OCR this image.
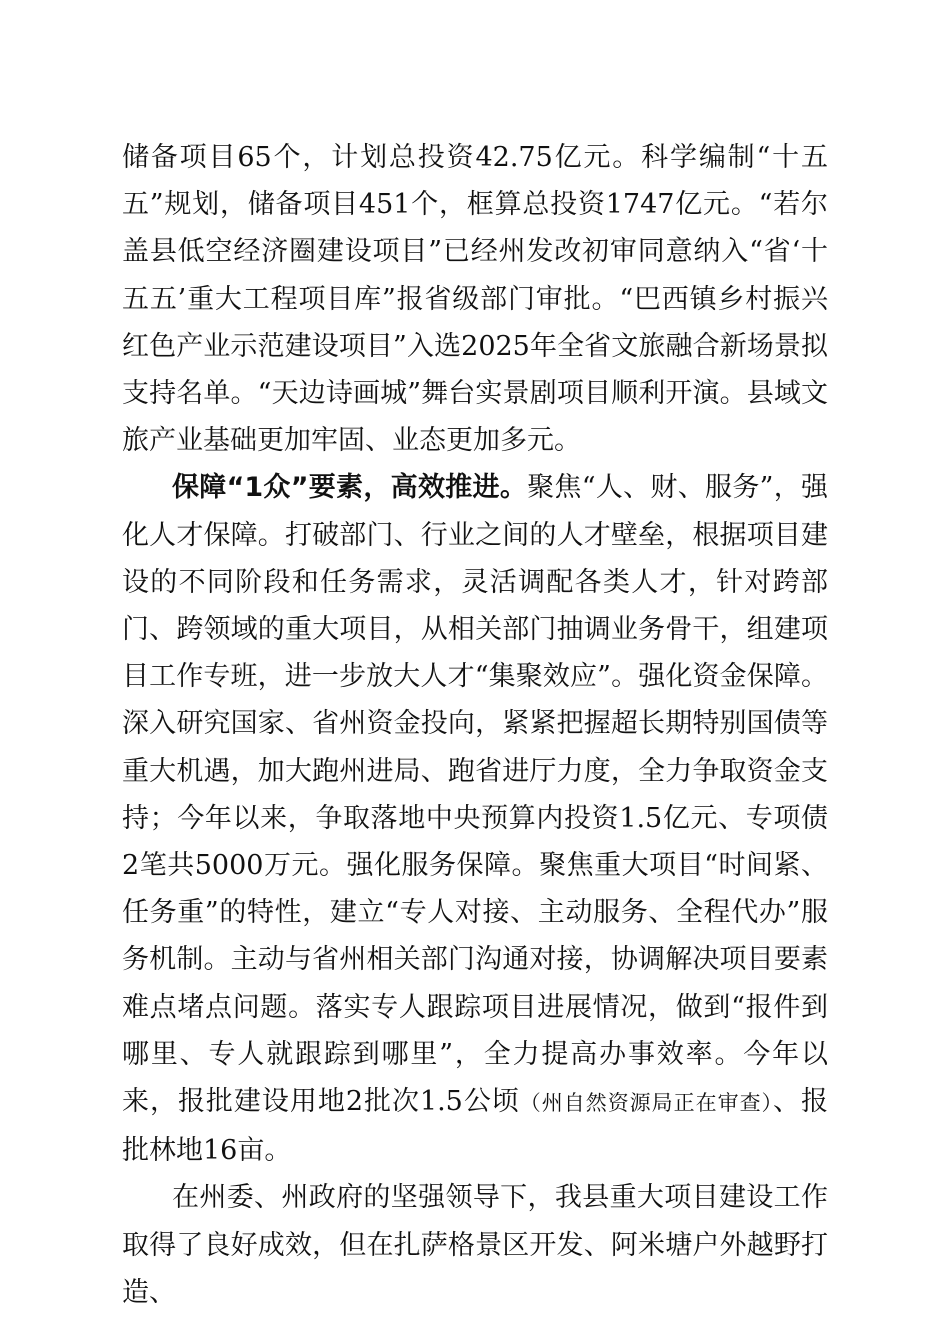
储备项目65个，计划总投资42.75亿元。科学编制“十五五”规划，储备项目451个，框算总投资1747亿元。“若尔盖县低空经济圈建设项目”已经州发改初审同意纳入“省‘十五五’重大工程项目库”报省级部门审批。“巴西镇乡村振兴红色产业示范建设项目”入选2025年全省文旅融合新场景拟支持名单。“天边诗画城”舞台实景剧项目顺利开演。县域文旅产业基础更加牢固、业态更加多元。

保障“1众”要素，高效推进。聚焦“人、财、服务”，强化人才保障。打破部门、行业之间的人才壁垒，根据项目建设的不同阶段和任务需求，灵活调配各类人才，针对跨部门、跨领域的重大项目，从相关部门抽调业务骨干，组建项目工作专班，进一步放大人才“集聚效应”。强化资金保障。深入研究国家、省州资金投向，紧紧把握超长期特别国债等重大机遇，加大跑州进局、跑省进厅力度，全力争取资金支持；今年以来，争取落地中央预算内投资1.5亿元、专项债2笔共5000万元。强化服务保障。聚焦重大项目“时间紧、任务重”的特性，建立“专人对接、主动服务、全程代办”服务机制。主动与省州相关部门沟通对接，协调解决项目要素难点堵点问题。落实专人跟踪项目进展情况，做到“报件到哪里、专人就跟踪到哪里”，全力提高办事效率。今年以来，报批建设用地2批次1.5公顷（州自然资源局正在审查）、报批林地16亩。

在州委、州政府的坚强领导下，我县重大项目建设工作取得了良好成效，但在扎萨格景区开发、阿米塘户外越野打造、
